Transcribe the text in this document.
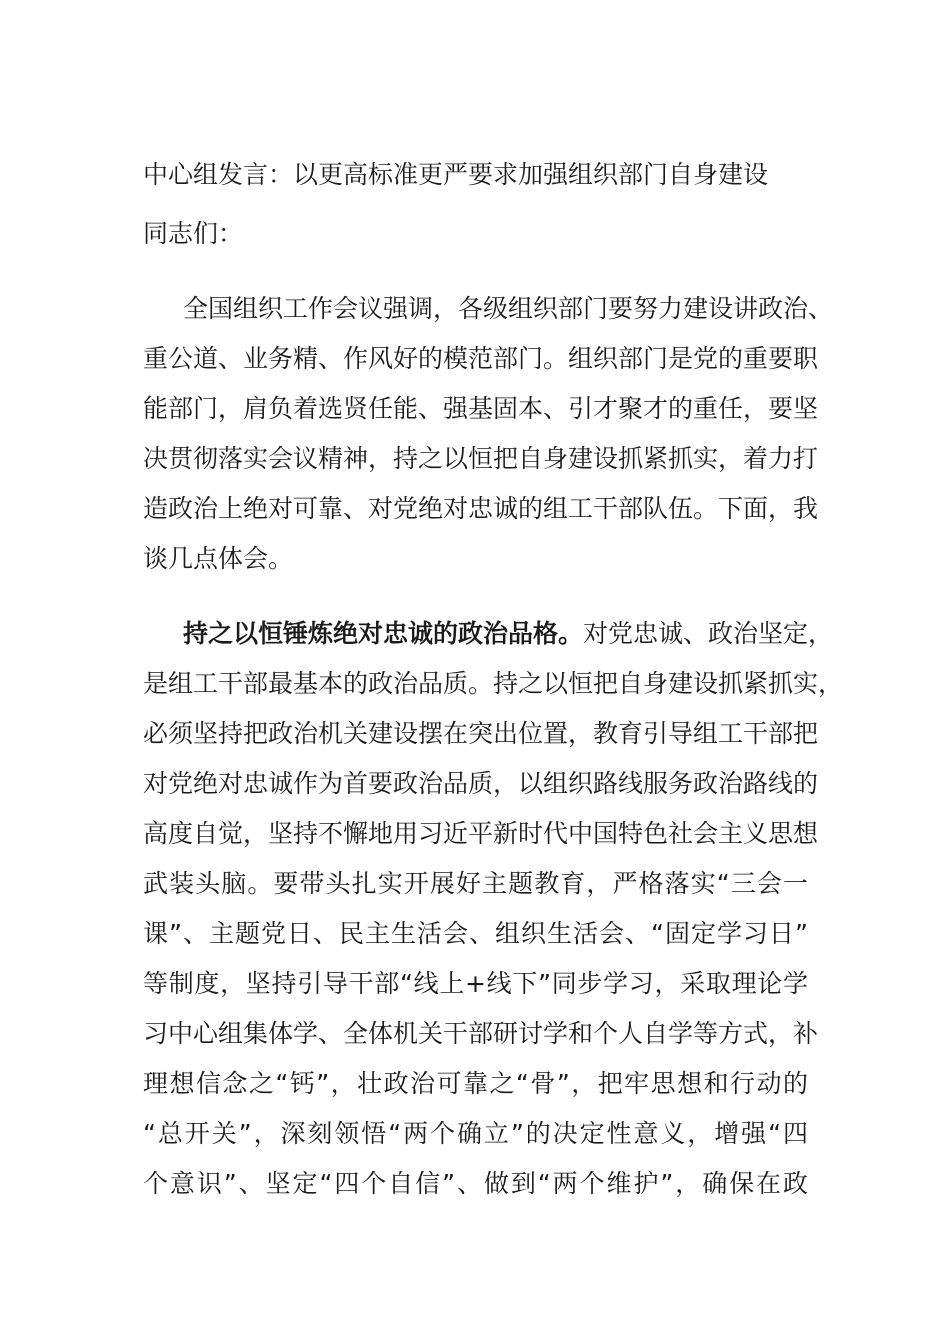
中心组发言：以更高标准更严要求加强组织部门自身建设

同志们：

全国组织工作会议强调，各级组织部门要努力建设讲政治、
重公道、业务精、作风好的模范部门。组织部门是党的重要职
能部门，肩负着选贤任能、强基固本、引才聚才的重任，要坚
决贯彻落实会议精神，持之以恒把自身建设抓紧抓实，着力打
造政治上绝对可靠、对党绝对忠诚的组工干部队伍。下面，我
谈几点体会。
持之以恒锤炼绝对忠诚的政治品格。对党忠诚、政治坚定，
是组工干部最基本的政治品质。持之以恒把自身建设抓紧抓实，
必须坚持把政治机关建设摆在突出位置，教育引导组工干部把
对党绝对忠诚作为首要政治品质，以组织路线服务政治路线的
高度自觉，坚持不懈地用习近平新时代中国特色社会主义思想
武装头脑。要带头扎实开展好主题教育，严格落实“三会一
课”、主题党日、民主生活会、组织生活会、“固定学习日”
等制度，坚持引导干部“线上+线下”同步学习，采取理论学
习中心组集体学、全体机关干部研讨学和个人自学等方式，补
理想信念之“钙”，壮政治可靠之“骨”，把牢思想和行动的
“总开关”，深刻领悟“两个确立”的决定性意义，增强“四
个意识”、坚定“四个自信”、做到“两个维护”，确保在政
